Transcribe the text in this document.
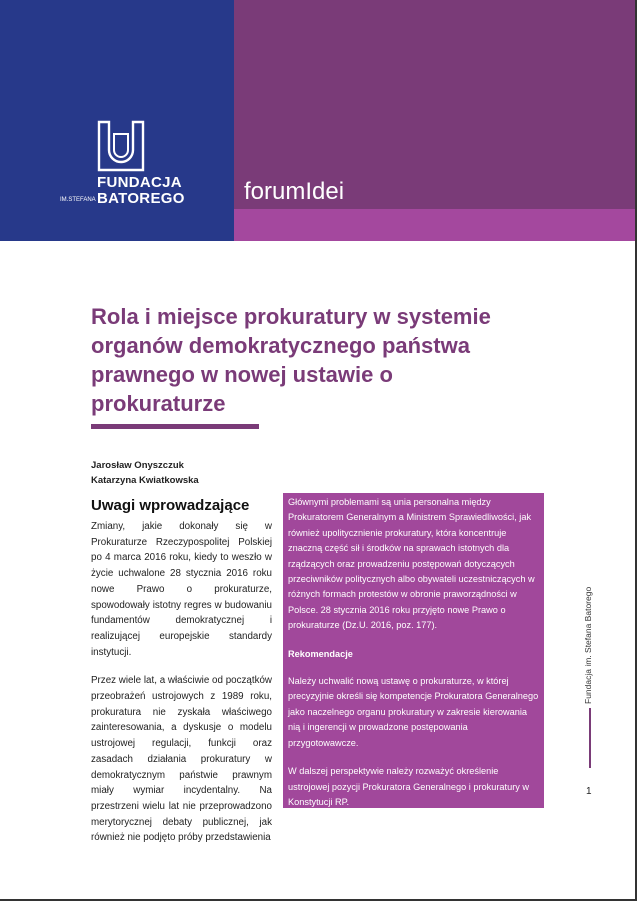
FUNDACJA
IM.STEFANA BATOREGO forumIdei
Rola i miejsce prokuratury w systemie organów demokratycznego państwa prawnego w nowej ustawie o prokuraturze
Jarosław Onyszczuk
Katarzyna Kwiatkowska
Uwagi wprowadzające

Zmiany, jakie dokonały się w Prokuraturze Rzeczypospolitej Polskiej po 4 marca 2016 roku, kiedy to weszło w życie uchwalone 28 stycznia 2016 roku nowe Prawo o prokuraturze, spowodowały istotny regres w budowaniu fundamentów demokratycznej i realizującej europejskie standardy instytucji.

Przez wiele lat, a właściwie od początków przeobrażeń ustrojowych z 1989 roku, prokuratura nie zyskała właściwego zainteresowania, a dyskusje o modelu ustrojowej regulacji, funkcji oraz zasadach działania prokuratury w demokratycznym państwie prawnym miały wymiar incydentalny. Na przestrzeni wielu lat nie przeprowadzono merytorycznej debaty publicznej, jak również nie podjęto próby przedstawienia

Głównymi problemami są unia personalna między Prokuratorem Generalnym a Ministrem Sprawiedliwości, jak również upolitycznienie prokuratury, która koncentruje znaczną część sił i środków na sprawach istotnych dla rządzących oraz prowadzeniu postępowań dotyczących przeciwników politycznych albo obywateli uczestniczących w różnych formach protestów w obronie praworządności w Polsce. 28 stycznia 2016 roku przyjęto nowe Prawo o prokuraturze (Dz.U. 2016, poz. 177).

Rekomendacje

Należy uchwalić nową ustawę o prokuraturze, w której precyzyjnie określi się kompetencje Prokuratora Generalnego jako naczelnego organu prokuratury w zakresie kierowania nią i ingerencji w prowadzone postępowania przygotowawcze.

W dalszej perspektywie należy rozważyć określenie ustrojowej pozycji Prokuratora Generalnego i prokuratury w Konstytucji RP.

Prokurator Generalny

Zaleca się rozdzielenie funkcji Prokuratora Generalnego oraz Ministra Sprawiedliwości.

Fundacja im. Stefana Batorego
1
